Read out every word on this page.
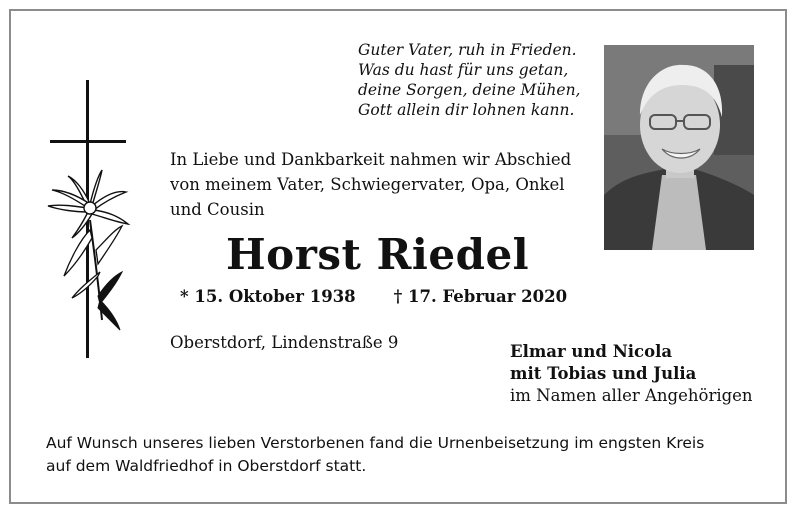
Guter Vater, ruh in Frieden.
Was du hast für uns getan,
deine Sorgen, deine Mühen,
Gott allein dir lohnen kann.
In Liebe und Dankbarkeit nahmen wir Abschied
von meinem Vater, Schwiegervater, Opa, Onkel
und Cousin
Horst Riedel
* 15. Oktober 1938 † 17. Februar 2020
Oberstdorf, Lindenstraße 9	Elmar und Nicola
mit Tobias und Julia
im Namen aller Angehörigen
Auf Wunsch unseres lieben Verstorbenen fand die Urnenbeisetzung im engsten Kreis
auf dem Waldfriedhof in Oberstdorf statt.
